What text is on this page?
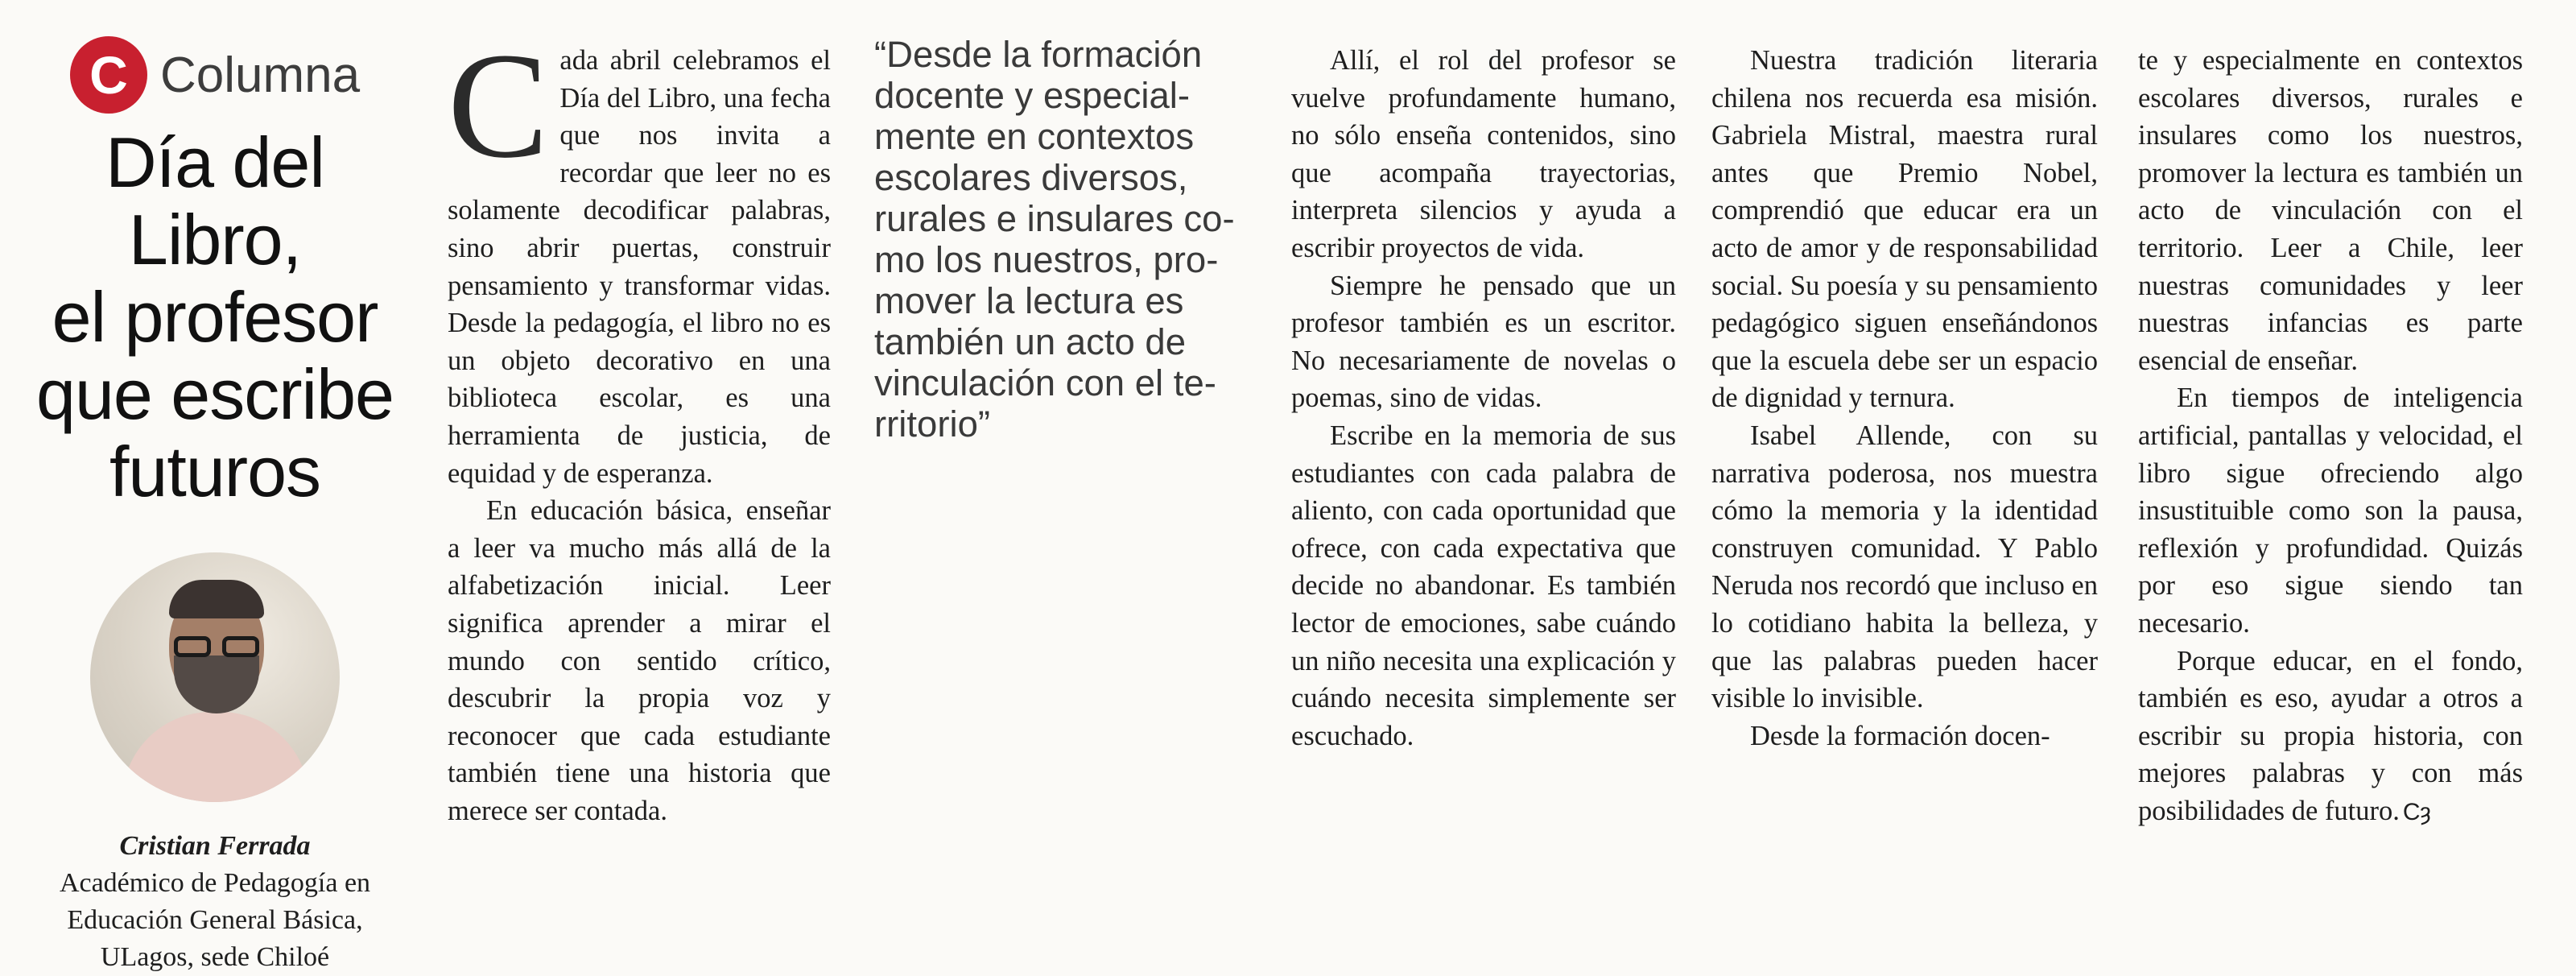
C Columna
Día del Libro,
el profesor
que escribe
futuros
Cristian Ferrada
Académico de Pedagogía en
Educación General Básica,
ULagos, sede Chiloé
C ada abril celebramos el Día del Libro, una fecha que nos invita a recordar que leer no es solamente decodificar palabras, sino abrir puertas, construir pensamiento y transformar vidas. Desde la pedagogía, el libro no es un objeto decorativo en una biblioteca escolar, es una herramienta de justicia, de equidad y de esperanza.

En educación básica, enseñar a leer va mucho más allá de la alfabetización inicial. Leer significa aprender a mirar el mundo con sentido crítico, descubrir la propia voz y reconocer que cada estudiante también tiene una historia que merece ser contada.

“Desde la formación
docente y especial-
mente en contextos
escolares diversos,
rurales e insulares co-
mo los nuestros, pro-
mover la lectura es
también un acto de
vinculación con el te-
rritorio”

Allí, el rol del profesor se vuelve profundamente humano, no sólo enseña contenidos, sino que acompaña trayectorias, interpreta silencios y ayuda a escribir proyectos de vida.

Siempre he pensado que un profesor también es un escritor. No necesariamente de novelas o poemas, sino de vidas.

Escribe en la memoria de sus estudiantes con cada palabra de aliento, con cada oportunidad que ofrece, con cada expectativa que decide no abandonar. Es también lector de emociones, sabe cuándo un niño necesita una explicación y cuándo necesita simplemente ser escuchado.

Nuestra tradición literaria chilena nos recuerda esa misión. Gabriela Mistral, maestra rural antes que Premio Nobel, comprendió que educar era un acto de amor y de responsabilidad social. Su poesía y su pensamiento pedagógico siguen enseñándonos que la escuela debe ser un espacio de dignidad y ternura.

Isabel Allende, con su narrativa poderosa, nos muestra cómo la memoria y la identidad construyen comunidad. Y Pablo Neruda nos recordó que incluso en lo cotidiano habita la belleza, y que las palabras pueden hacer visible lo invisible.

Desde la formación docen-

te y especialmente en contextos escolares diversos, rurales e insulares como los nuestros, promover la lectura es también un acto de vinculación con el territorio. Leer a Chile, leer nuestras comunidades y leer nuestras infancias es parte esencial de enseñar.

En tiempos de inteligencia artificial, pantallas y velocidad, el libro sigue ofreciendo algo insustituible como son la pausa, reflexión y profundidad. Quizás por eso sigue siendo tan necesario.

Porque educar, en el fondo, también es eso, ayudar a otros a escribir su propia historia, con mejores palabras y con más posibilidades de futuro. Cȝ
